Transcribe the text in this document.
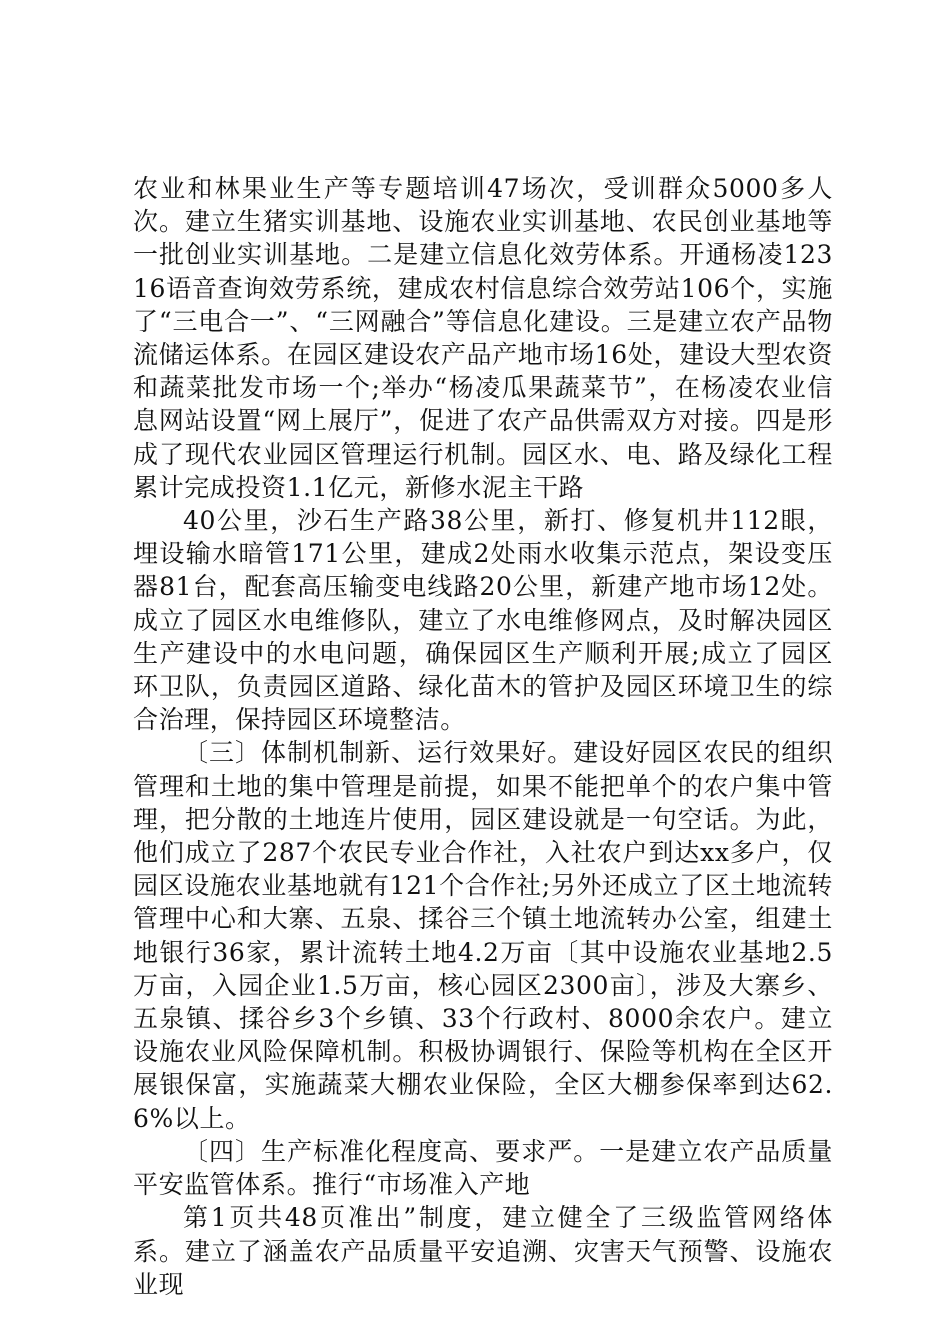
农业和林果业生产等专题培训47场次，受训群众5000多人次。建立生猪实训基地、设施农业实训基地、农民创业基地等一批创业实训基地。二是建立信息化效劳体系。开通杨凌12316语音查询效劳系统，建成农村信息综合效劳站106个，实施了“三电合一”、“三网融合”等信息化建设。三是建立农产品物流储运体系。在园区建设农产品产地市场16处，建设大型农资和蔬菜批发市场一个;举办“杨凌瓜果蔬菜节”，在杨凌农业信息网站设置“网上展厅”，促进了农产品供需双方对接。四是形成了现代农业园区管理运行机制。园区水、电、路及绿化工程累计完成投资1.1亿元，新修水泥主干路

40公里，沙石生产路38公里，新打、修复机井112眼，埋设输水暗管171公里，建成2处雨水收集示范点，架设变压器81台，配套高压输变电线路20公里，新建产地市场12处。成立了园区水电维修队，建立了水电维修网点，及时解决园区生产建设中的水电问题，确保园区生产顺利开展;成立了园区环卫队，负责园区道路、绿化苗木的管护及园区环境卫生的综合治理，保持园区环境整洁。

〔三〕体制机制新、运行效果好。建设好园区农民的组织管理和土地的集中管理是前提，如果不能把单个的农户集中管理，把分散的土地连片使用，园区建设就是一句空话。为此，他们成立了287个农民专业合作社，入社农户到达xx多户，仅园区设施农业基地就有121个合作社;另外还成立了区土地流转管理中心和大寨、五泉、揉谷三个镇土地流转办公室，组建土地银行36家，累计流转土地4.2万亩〔其中设施农业基地2.5万亩，入园企业1.5万亩，核心园区2300亩〕，涉及大寨乡、五泉镇、揉谷乡3个乡镇、33个行政村、8000余农户。建立设施农业风险保障机制。积极协调银行、保险等机构在全区开展银保富，实施蔬菜大棚农业保险，全区大棚参保率到达62.6%以上。

〔四〕生产标准化程度高、要求严。一是建立农产品质量平安监管体系。推行“市场准入产地

第1页共48页准出”制度，建立健全了三级监管网络体系。建立了涵盖农产品质量平安追溯、灾害天气预警、设施农业现
